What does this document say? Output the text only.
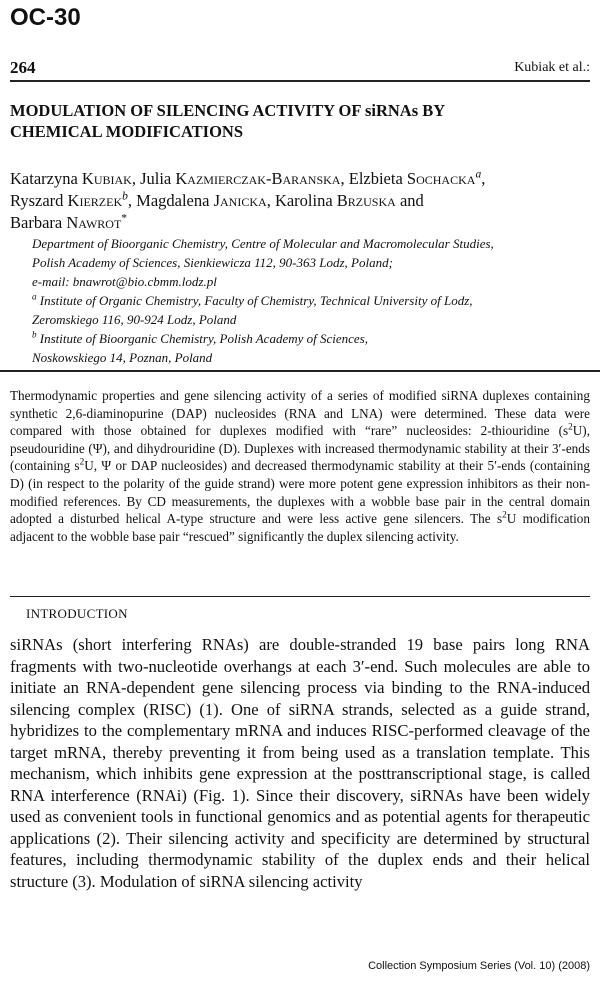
OC-30
264	Kubiak et al.:
MODULATION OF SILENCING ACTIVITY OF siRNAs BY
CHEMICAL MODIFICATIONS
Katarzyna Kubiak, Julia Kazmierczak-Baranska, Elzbieta Sochacka$^a$,
Ryszard Kierzek$^b$, Magdalena Janicka, Karolina Brzuska and
Barbara Nawrot*
Department of Bioorganic Chemistry, Centre of Molecular and Macromolecular Studies,
Polish Academy of Sciences, Sienkiewicza 112, 90-363 Lodz, Poland;
e-mail: bnawrot@bio.cbmm.lodz.pl
$^a$ Institute of Organic Chemistry, Faculty of Chemistry, Technical University of Lodz,
Zeromskiego 116, 90-924 Lodz, Poland
$^b$ Institute of Bioorganic Chemistry, Polish Academy of Sciences,
Noskowskiego 14, Poznan, Poland
Thermodynamic properties and gene silencing activity of a series of modified siRNA duplexes containing synthetic 2,6-diaminopurine (DAP) nucleosides (RNA and LNA) were determined. These data were compared with those obtained for duplexes modified with “rare” nucleosides: 2-thiouridine $(s^2U)$, pseudouridine (Ψ), and dihydrouridine (D). Duplexes with increased thermodynamic stability at their 3′-ends (containing $s^2U$, Ψ or DAP nucleosides) and decreased thermodynamic stability at their 5′-ends (containing D) (in respect to the polarity of the guide strand) were more potent gene expression inhibitors as their non-modified references. By CD measurements, the duplexes with a wobble base pair in the central domain adopted a disturbed helical A-type structure and were less active gene silencers. The $s^2U$ modification adjacent to the wobble base pair “rescued” significantly the duplex silencing activity.
INTRODUCTION
siRNAs (short interfering RNAs) are double-stranded 19 base pairs long RNA fragments with two-nucleotide overhangs at each 3′-end. Such molecules are able to initiate an RNA-dependent gene silencing process via binding to the RNA-induced silencing complex (RISC) (1). One of siRNA strands, selected as a guide strand, hybridizes to the complementary mRNA and induces RISC-performed cleavage of the target mRNA, thereby preventing it from being used as a translation template. This mechanism, which inhibits gene expression at the posttranscriptional stage, is called RNA interference (RNAi) (Fig. 1). Since their discovery, siRNAs have been widely used as convenient tools in functional genomics and as potential agents for therapeutic applications (2). Their silencing activity and specificity are determined by structural features, including thermodynamic stability of the duplex ends and their helical structure (3). Modulation of siRNA silencing activity
Collection Symposium Series (Vol. 10) (2008)
